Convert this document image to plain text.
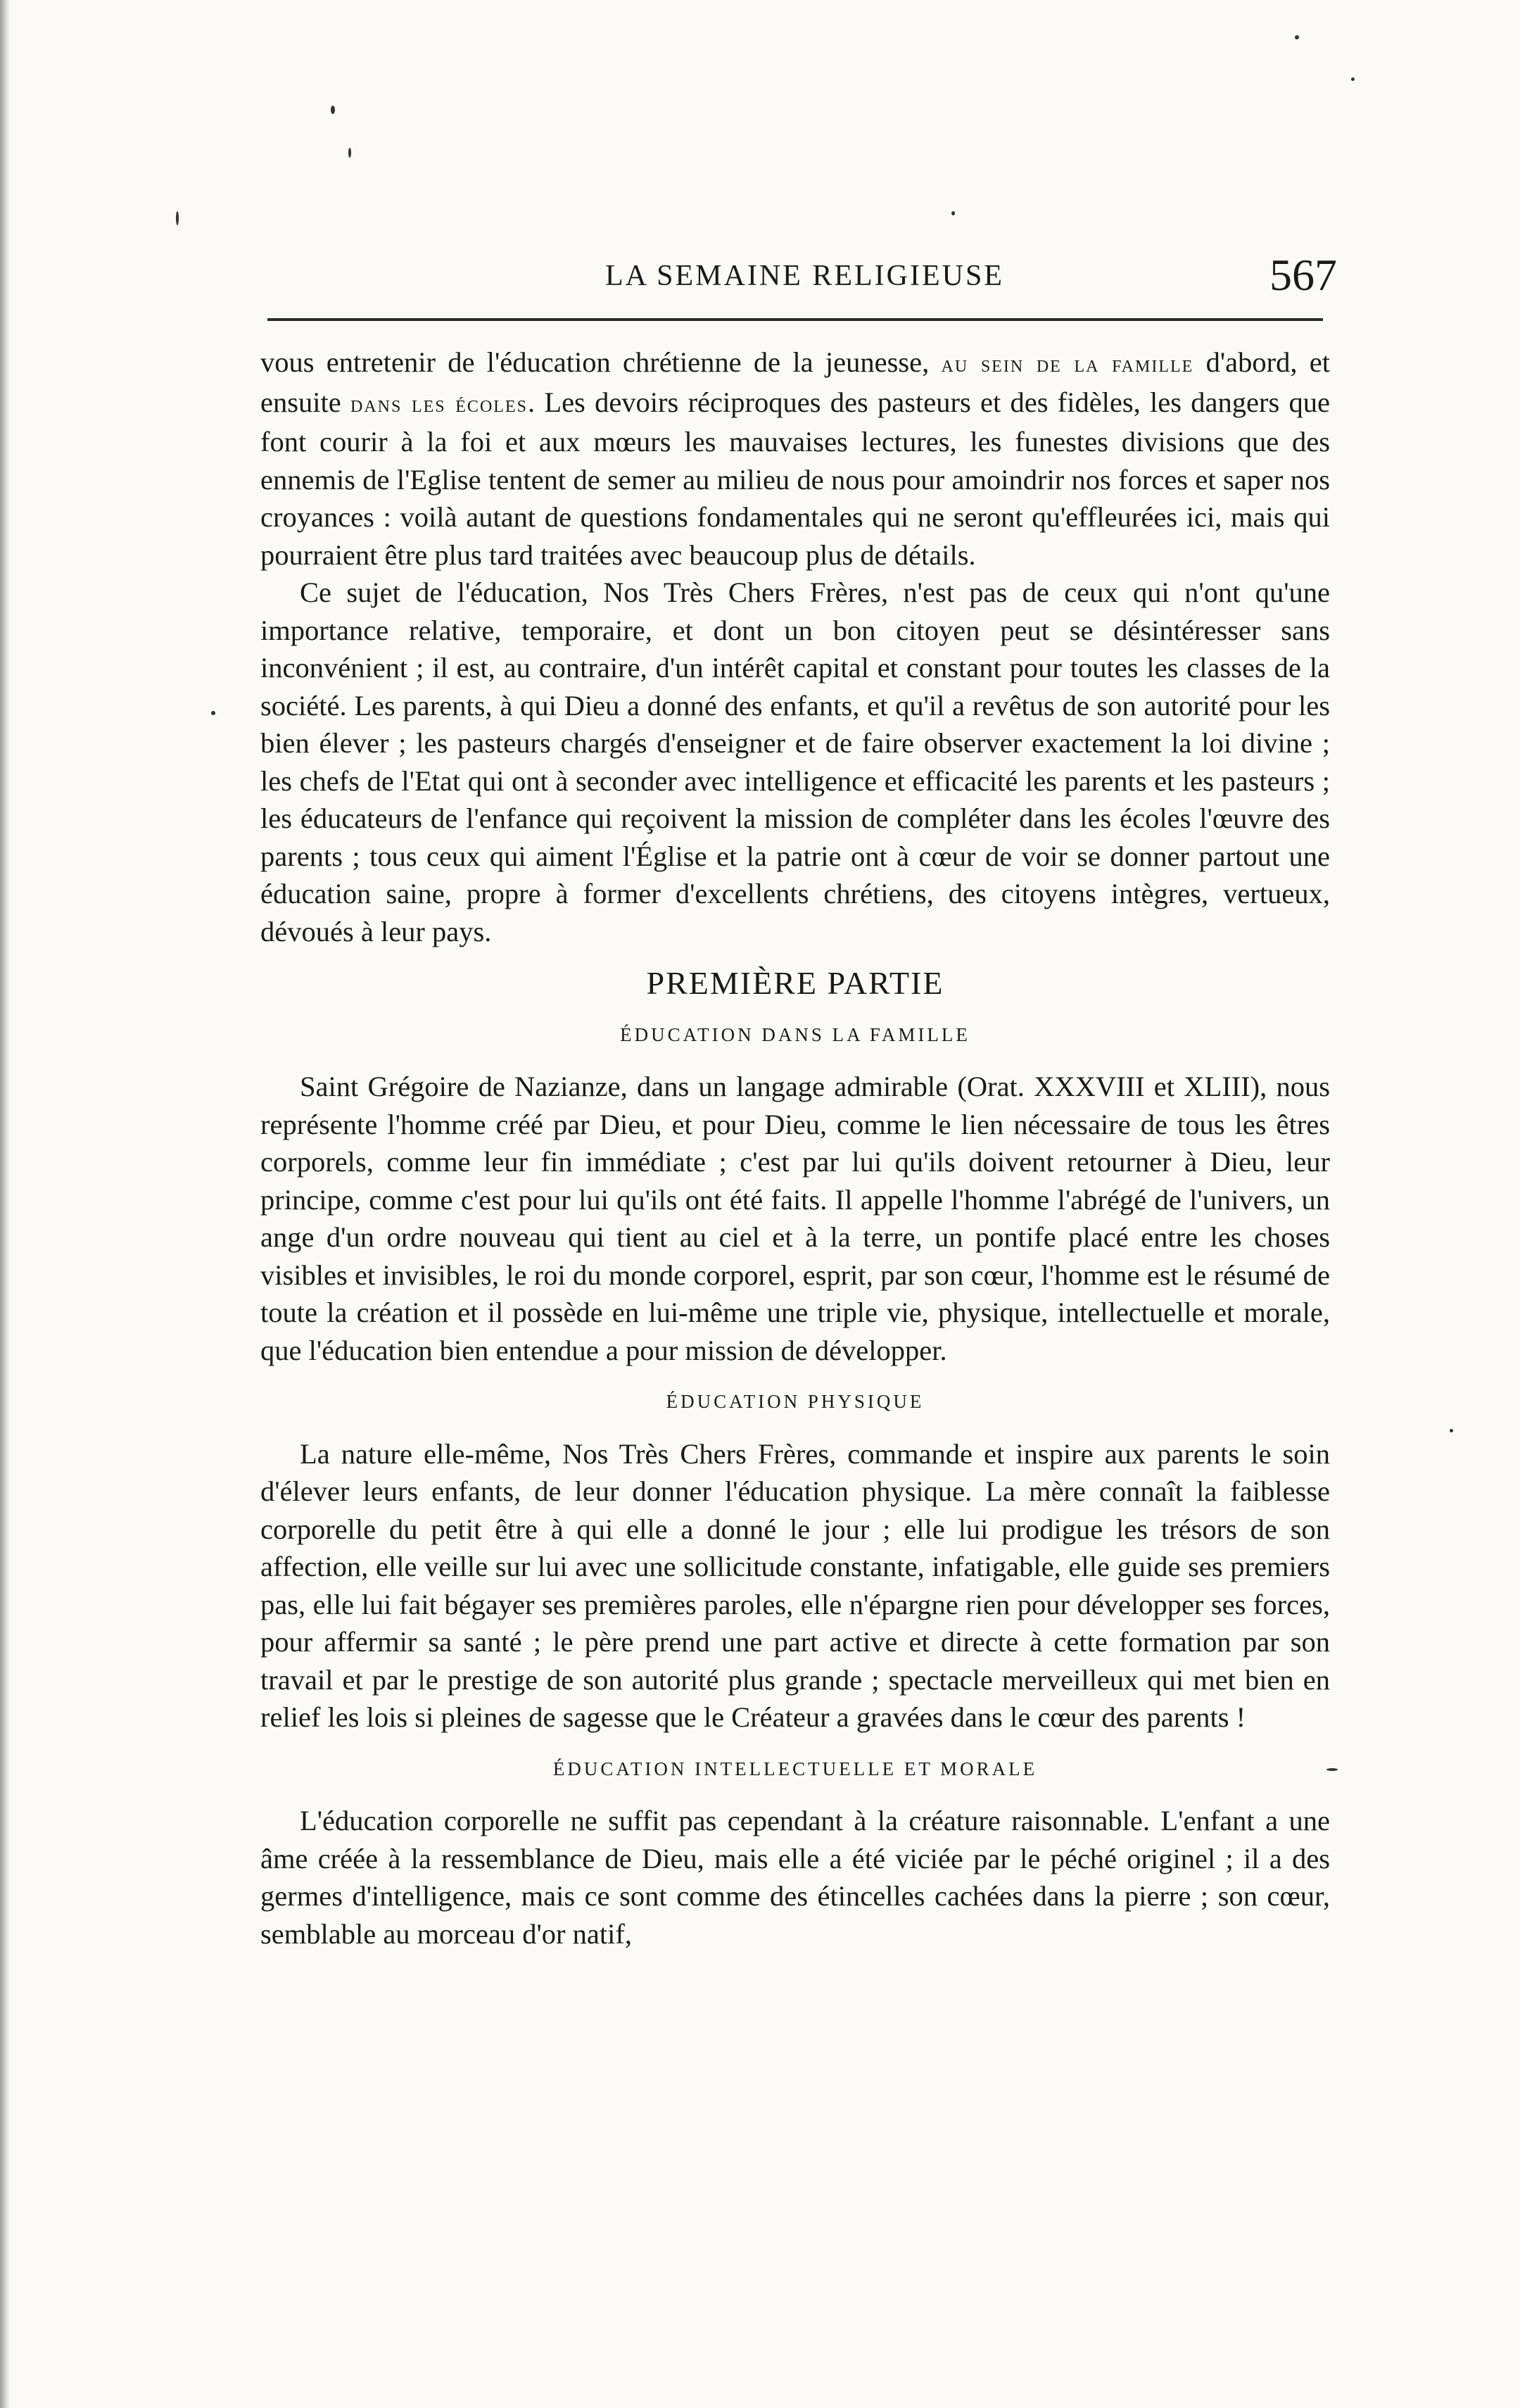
LA SEMAINE RELIGIEUSE	567

vous entretenir de l'éducation chrétienne de la jeunesse, au sein de la famille d'abord, et ensuite dans les écoles. Les devoirs réciproques des pasteurs et des fidèles, les dangers que font courir à la foi et aux mœurs les mauvaises lectures, les funestes divisions que des ennemis de l'Eglise tentent de semer au milieu de nous pour amoindrir nos forces et saper nos croyances : voilà autant de questions fondamentales qui ne seront qu'effleurées ici, mais qui pourraient être plus tard traitées avec beaucoup plus de détails.

Ce sujet de l'éducation, Nos Très Chers Frères, n'est pas de ceux qui n'ont qu'une importance relative, temporaire, et dont un bon citoyen peut se désintéresser sans inconvénient ; il est, au contraire, d'un intérêt capital et constant pour toutes les classes de la société. Les parents, à qui Dieu a donné des enfants, et qu'il a revêtus de son autorité pour les bien élever ; les pasteurs chargés d'enseigner et de faire observer exactement la loi divine ; les chefs de l'Etat qui ont à seconder avec intelligence et efficacité les parents et les pasteurs ; les éducateurs de l'enfance qui reçoivent la mission de compléter dans les écoles l'œuvre des parents ; tous ceux qui aiment l'Église et la patrie ont à cœur de voir se donner partout une éducation saine, propre à former d'excellents chrétiens, des citoyens intègres, vertueux, dévoués à leur pays.

PREMIÈRE PARTIE
ÉDUCATION DANS LA FAMILLE

Saint Grégoire de Nazianze, dans un langage admirable (Orat. XXXVIII et XLIII), nous représente l'homme créé par Dieu, et pour Dieu, comme le lien nécessaire de tous les êtres corporels, comme leur fin immédiate ; c'est par lui qu'ils doivent retourner à Dieu, leur principe, comme c'est pour lui qu'ils ont été faits. Il appelle l'homme l'abrégé de l'univers, un ange d'un ordre nouveau qui tient au ciel et à la terre, un pontife placé entre les choses visibles et invisibles, le roi du monde corporel, esprit, par son cœur, l'homme est le résumé de toute la création et il possède en lui-même une triple vie, physique, intellectuelle et morale, que l'éducation bien entendue a pour mission de développer.

ÉDUCATION PHYSIQUE

La nature elle-même, Nos Très Chers Frères, commande et inspire aux parents le soin d'élever leurs enfants, de leur donner l'éducation physique. La mère connaît la faiblesse corporelle du petit être à qui elle a donné le jour ; elle lui prodigue les trésors de son affection, elle veille sur lui avec une sollicitude constante, infatigable, elle guide ses premiers pas, elle lui fait bégayer ses premières paroles, elle n'épargne rien pour développer ses forces, pour affermir sa santé ; le père prend une part active et directe à cette formation par son travail et par le prestige de son autorité plus grande ; spectacle merveilleux qui met bien en relief les lois si pleines de sagesse que le Créateur a gravées dans le cœur des parents !

ÉDUCATION INTELLECTUELLE ET MORALE

L'éducation corporelle ne suffit pas cependant à la créature raisonnable. L'enfant a une âme créée à la ressemblance de Dieu, mais elle a été viciée par le péché originel ; il a des germes d'intelligence, mais ce sont comme des étincelles cachées dans la pierre ; son cœur, semblable au morceau d'or natif,
